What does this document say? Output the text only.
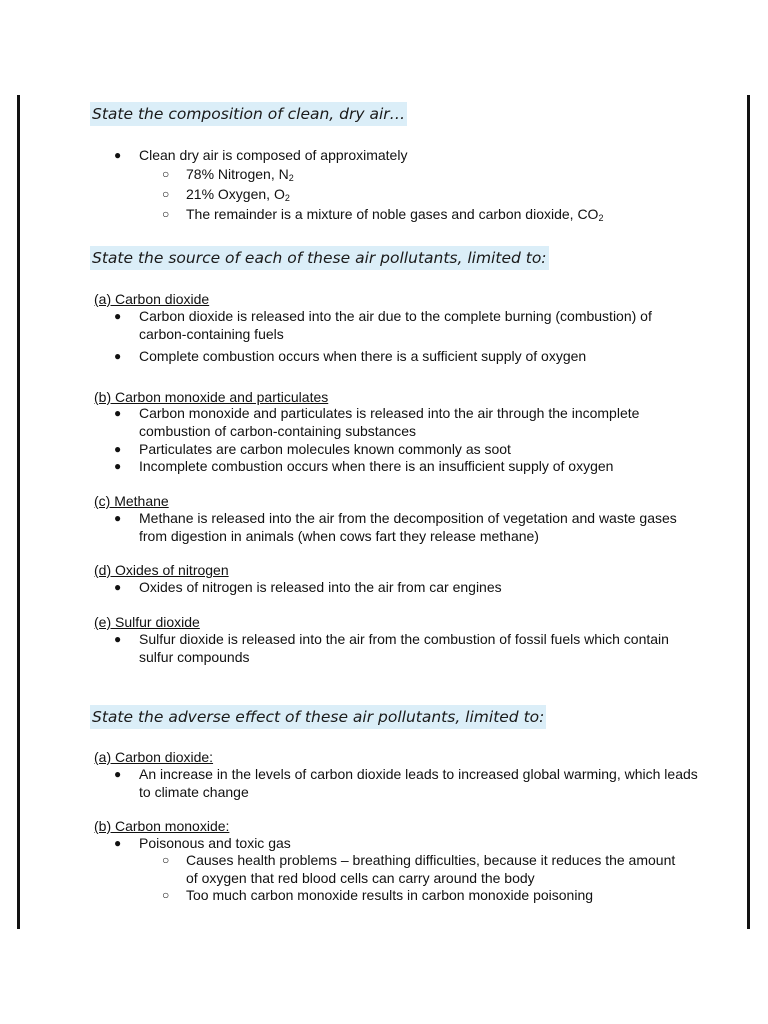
State the composition of clean, dry air…
● Clean dry air is composed of approximately
○ 78% Nitrogen, $N_2$
○ 21% Oxygen, $O_2$
○ The remainder is a mixture of noble gases and carbon dioxide, $CO_2$
State the source of each of these air pollutants, limited to:
(a) Carbon dioxide
● Carbon dioxide is released into the air due to the complete burning (combustion) of carbon-containing fuels
● Complete combustion occurs when there is a sufficient supply of oxygen
(b) Carbon monoxide and particulates
● Carbon monoxide and particulates is released into the air through the incomplete combustion of carbon-containing substances
● Particulates are carbon molecules known commonly as soot
● Incomplete combustion occurs when there is an insufficient supply of oxygen
(c) Methane
● Methane is released into the air from the decomposition of vegetation and waste gases from digestion in animals (when cows fart they release methane)
(d) Oxides of nitrogen
● Oxides of nitrogen is released into the air from car engines
(e) Sulfur dioxide
● Sulfur dioxide is released into the air from the combustion of fossil fuels which contain sulfur compounds
State the adverse effect of these air pollutants, limited to:
(a) Carbon dioxide:
● An increase in the levels of carbon dioxide leads to increased global warming, which leads to climate change
(b) Carbon monoxide:
● Poisonous and toxic gas
○ Causes health problems – breathing difficulties, because it reduces the amount of oxygen that red blood cells can carry around the body
○ Too much carbon monoxide results in carbon monoxide poisoning
